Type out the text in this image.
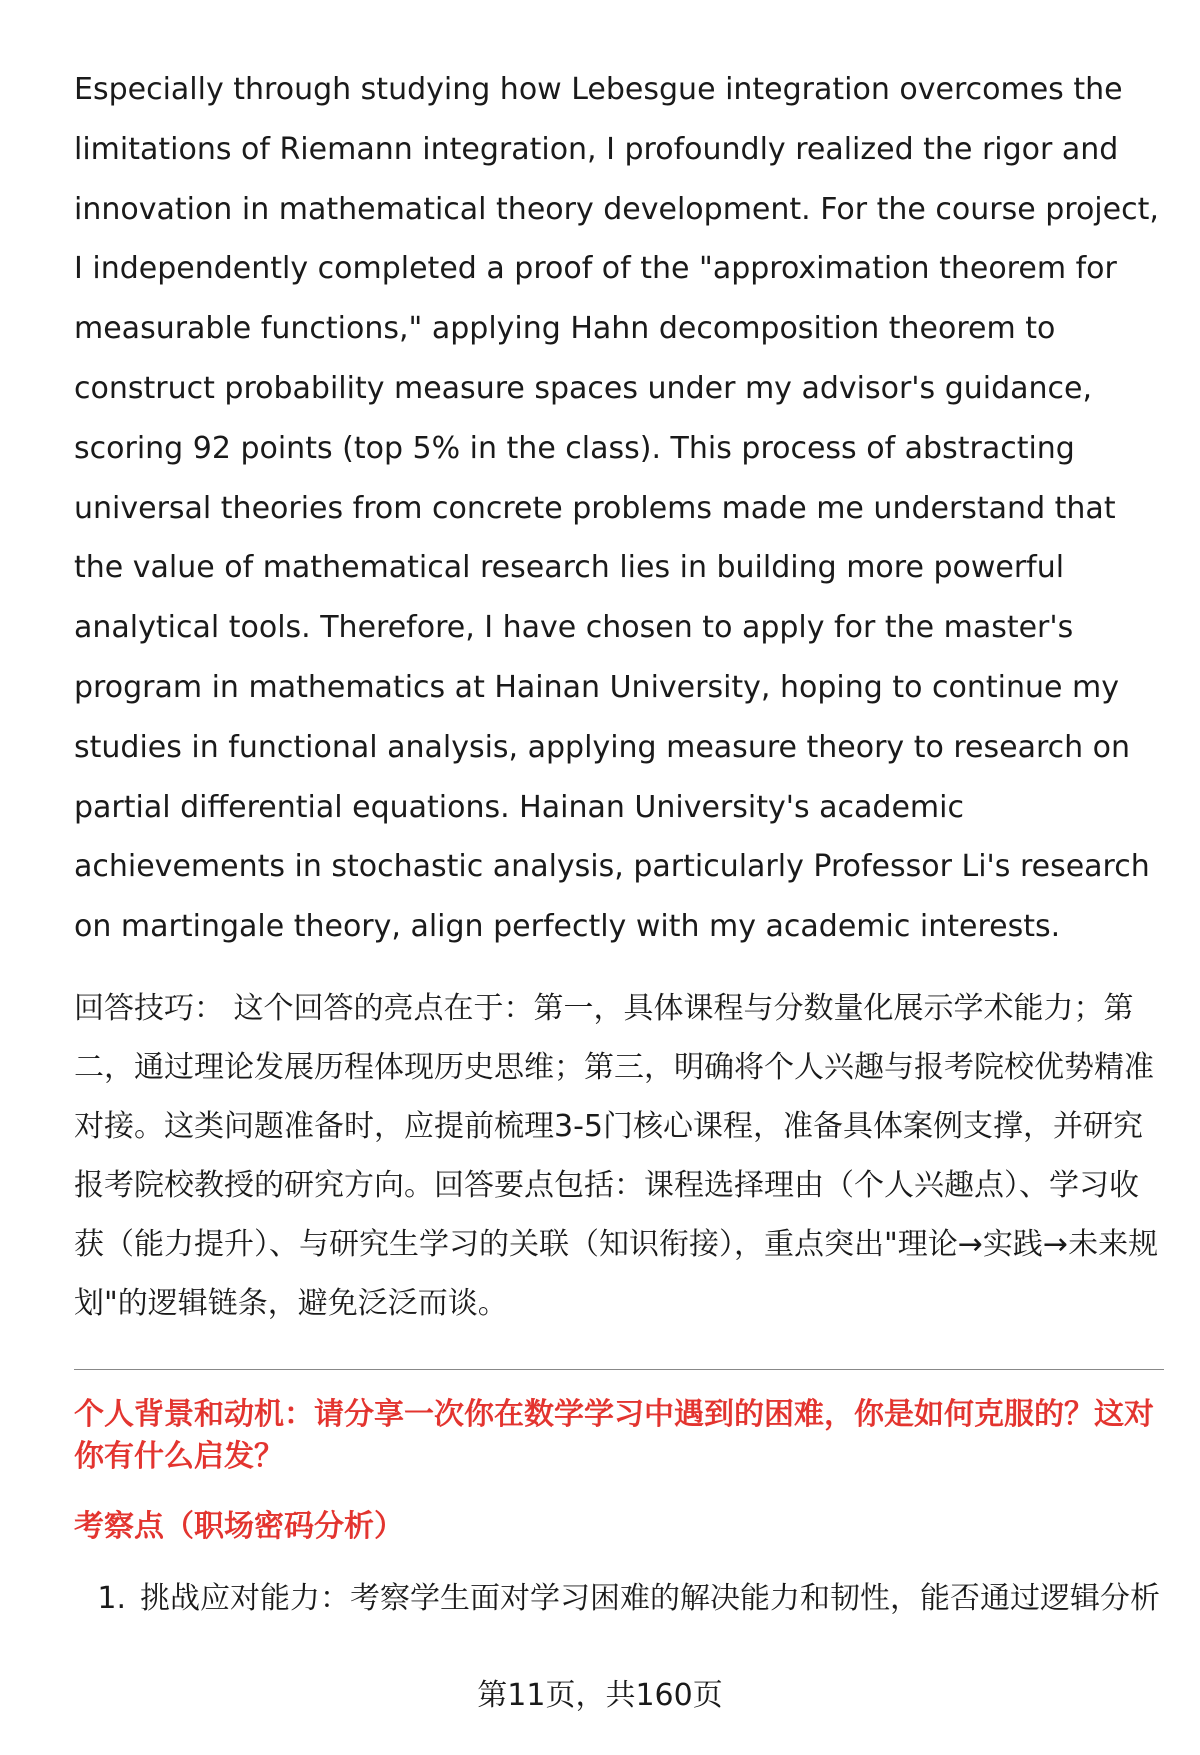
Especially through studying how Lebesgue integration overcomes the limitations of Riemann integration, I profoundly realized the rigor and innovation in mathematical theory development. For the course project, I independently completed a proof of the "approximation theorem for measurable functions," applying Hahn decomposition theorem to construct probability measure spaces under my advisor's guidance, scoring 92 points (top 5% in the class). This process of abstracting universal theories from concrete problems made me understand that the value of mathematical research lies in building more powerful analytical tools. Therefore, I have chosen to apply for the master's program in mathematics at Hainan University, hoping to continue my studies in functional analysis, applying measure theory to research on partial differential equations. Hainan University's academic achievements in stochastic analysis, particularly Professor Li's research on martingale theory, align perfectly with my academic interests.

回答技巧： 这个回答的亮点在于：第一，具体课程与分数量化展示学术能力；第二，通过理论发展历程体现历史思维；第三，明确将个人兴趣与报考院校优势精准对接。这类问题准备时，应提前梳理3-5门核心课程，准备具体案例支撑，并研究报考院校教授的研究方向。回答要点包括：课程选择理由（个人兴趣点）、学习收获（能力提升）、与研究生学习的关联（知识衔接），重点突出"理论→实践→未来规划"的逻辑链条，避免泛泛而谈。

个人背景和动机：请分享一次你在数学学习中遇到的困难，你是如何克服的？这对你有什么启发？

考察点（职场密码分析）

1. 挑战应对能力：考察学生面对学习困难的解决能力和韧性，能否通过逻辑分析
第11页，共160页
